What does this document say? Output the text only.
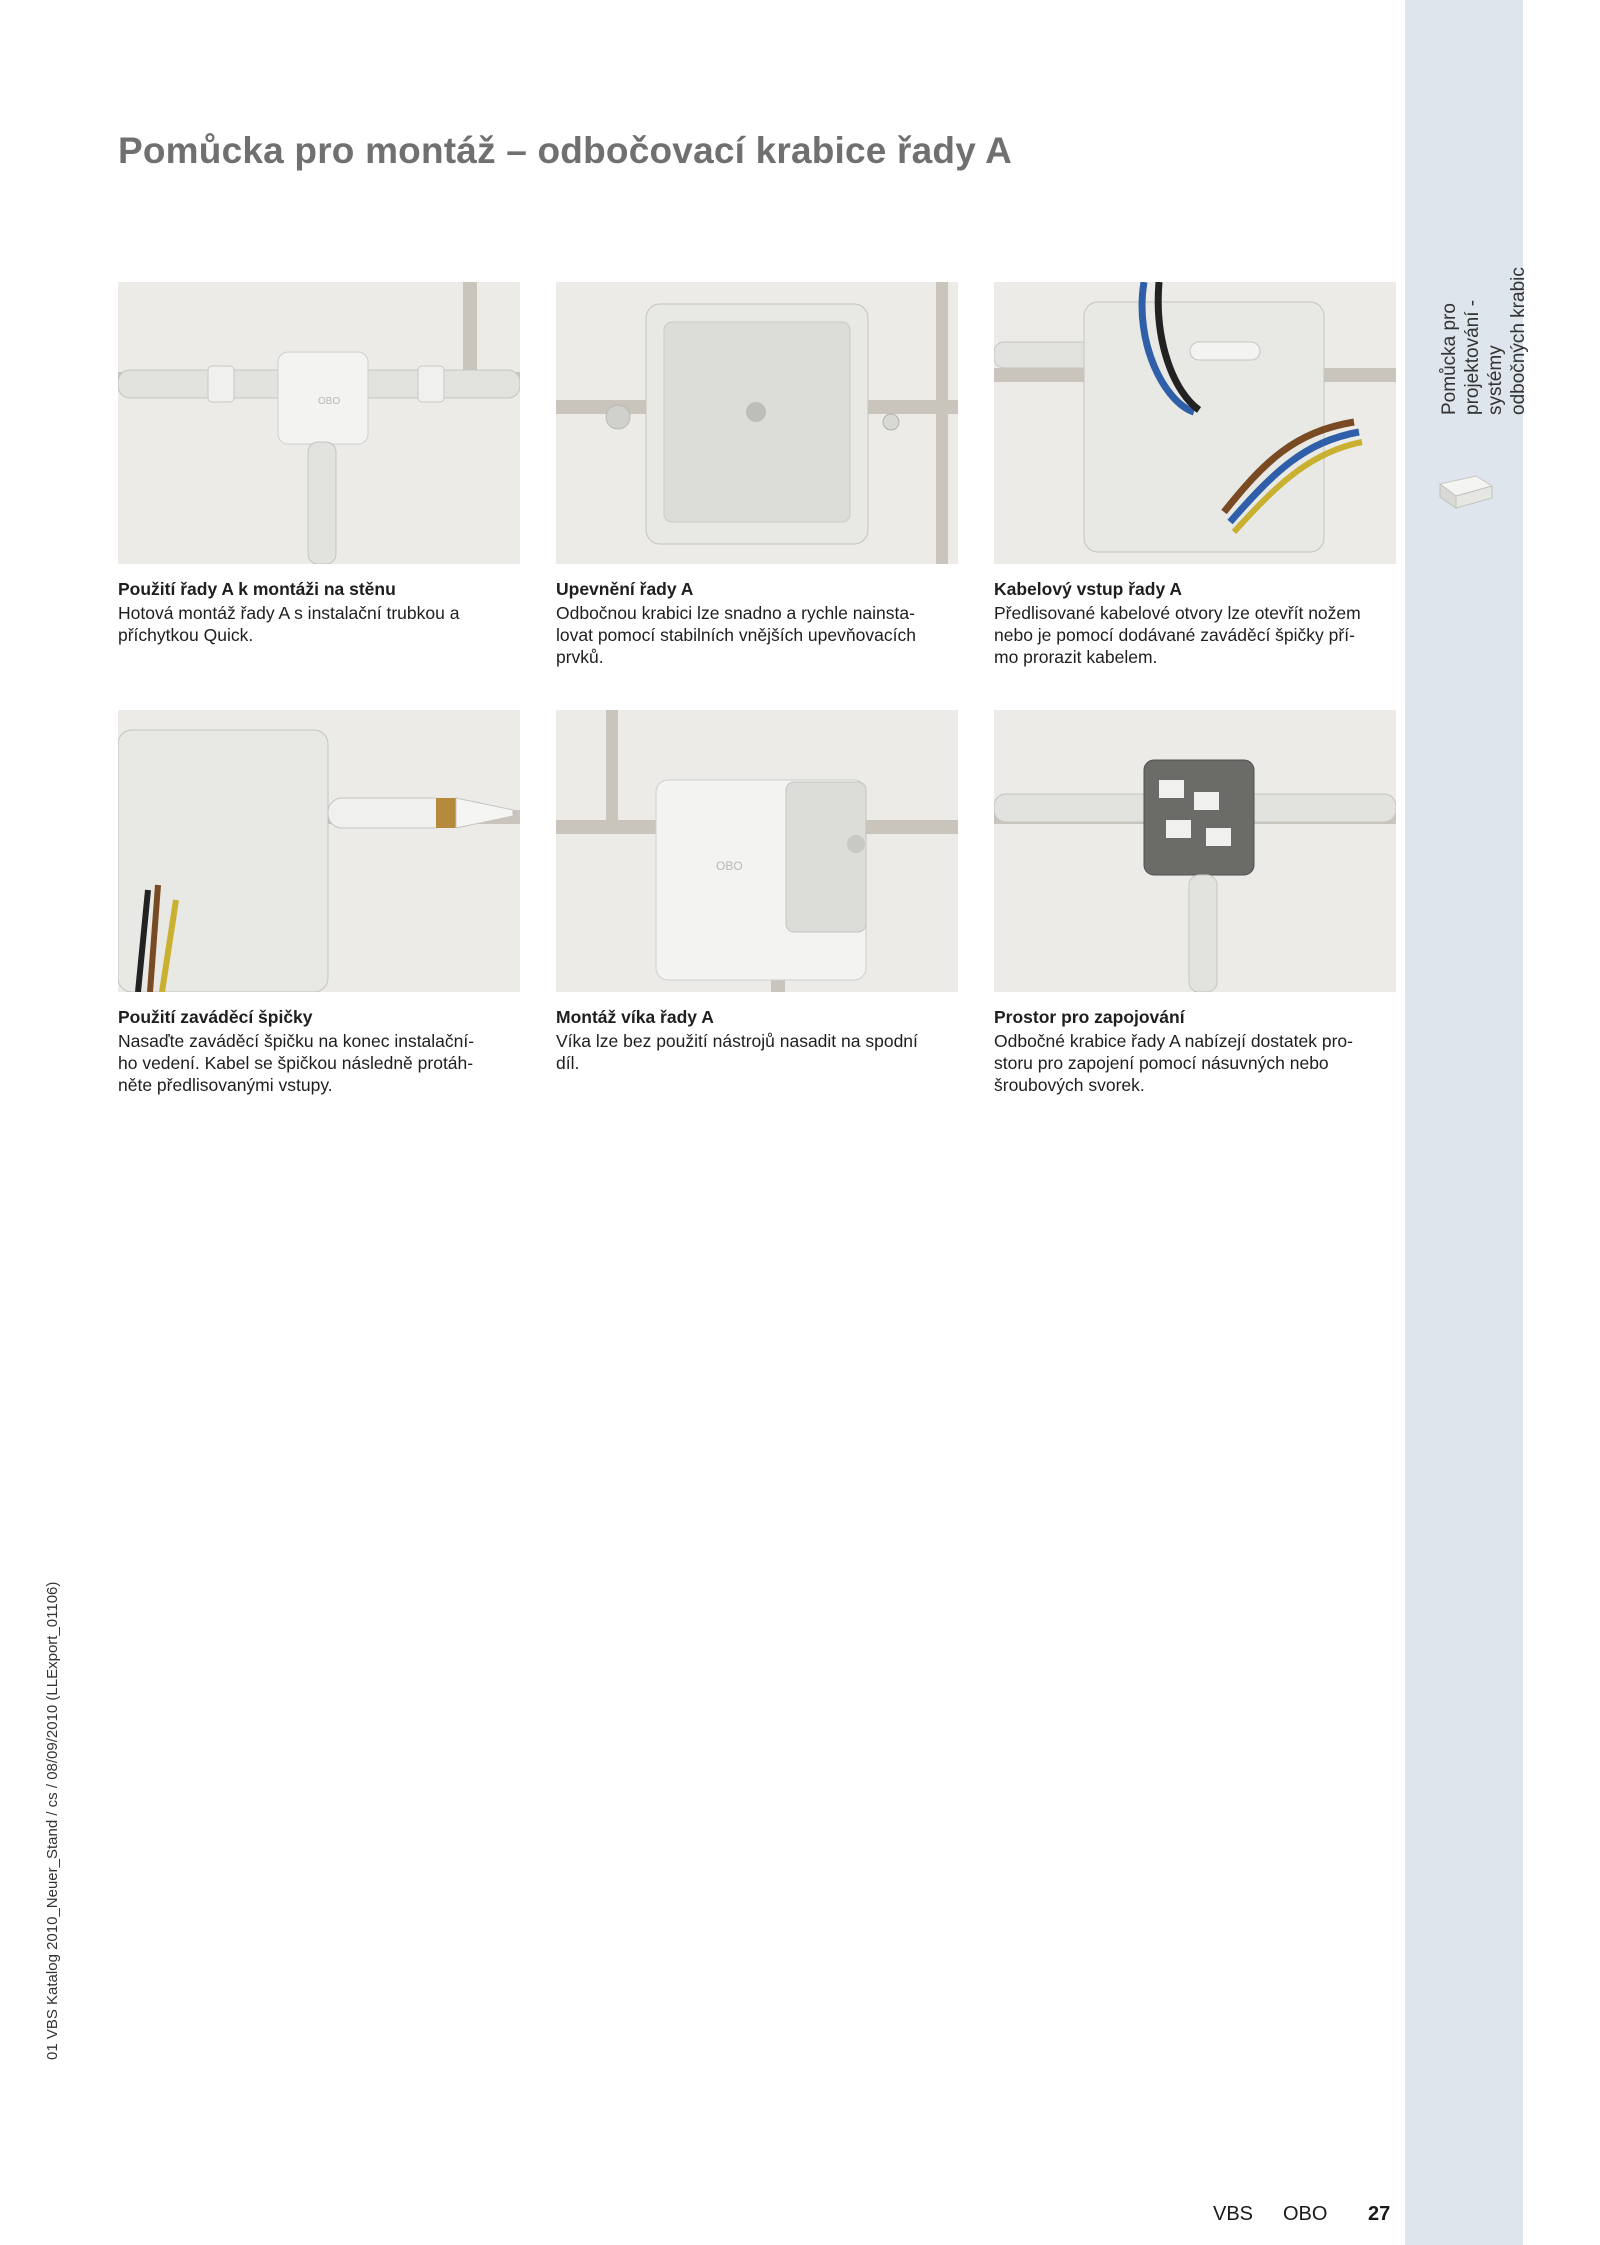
Pomůcka pro projektování - systémy
odbočných krabic
Pomůcka pro montáž – odbočovací krabice řady A
OBO
OBO
Použití řady A k montáži na stěnu
Hotová montáž řady A s instalační trubkou a
příchytkou Quick.
Upevnění řady A
Odbočnou krabici lze snadno a rychle nainsta-
lovat pomocí stabilních vnějších upevňovacích
prvků.
Kabelový vstup řady A
Předlisované kabelové otvory lze otevřít nožem
nebo je pomocí dodávané zaváděcí špičky pří-
mo prorazit kabelem.
Použití zaváděcí špičky
Nasaďte zaváděcí špičku na konec instalační-
ho vedení. Kabel se špičkou následně protáh-
něte předlisovanými vstupy.
Montáž víka řady A
Víka lze bez použití nástrojů nasadit na spodní
díl.
Prostor pro zapojování
Odbočné krabice řady A nabízejí dostatek pro-
storu pro zapojení pomocí násuvných nebo
šroubových svorek.
01 VBS Katalog 2010_Neuer_Stand / cs / 08/09/2010 (LLExport_01106)
VBS OBO 27
